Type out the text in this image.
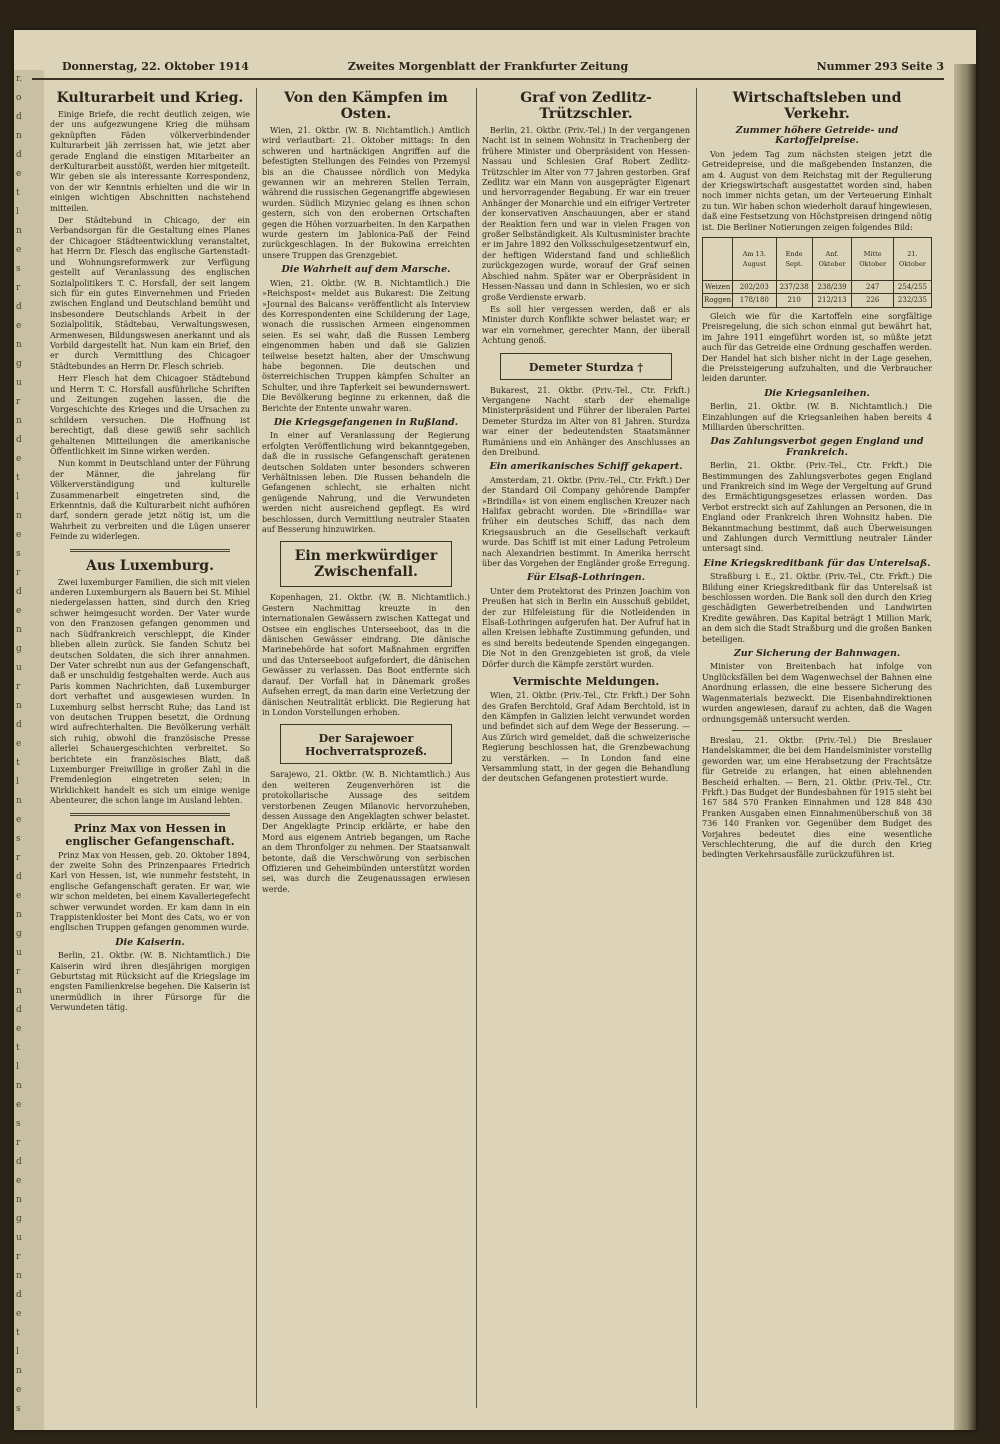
r.
o
d
n
d
e
t
l
n
e
s
r
d
e
n
g
u
r
n
d
e
t
l
n
e
s
r
d
e
n
g
u
r
n
d
e
t
l
n
e
s
r
d
e
n
g
u
r
n
d
e
t
l
n
e
s
r
d
e
n
g
u
r
n
d
e
t
l
n
e
s
Donnerstag, 22. Oktober 1914	Zweites Morgenblatt der Frankfurter Zeitung	Nummer 293 Seite 3
Kulturarbeit und Krieg.

Einige Briefe, die recht deutlich zeigen, wie der uns aufgezwungene Krieg die mühsam geknüpften Fäden völkerverbindender Kulturarbeit jäh zerrissen hat, wie jetzt aber gerade England die einstigen Mitarbeiter an derKulturarbeit ausstößt, werden hier mitgeteilt. Wir geben sie als interessante Korrespondenz, von der wir Kenntnis erhielten und die wir in einigen wichtigen Abschnitten nachstehend mitteilen.

Der Städtebund in Chicago, der ein Verbandsorgan für die Gestaltung eines Planes der Chicagoer Städteentwicklung veranstaltet, hat Herrn Dr. Flesch das englische Gartenstadt- und Wohnungsreformwerk zur Verfügung gestellt auf Veranlassung des englischen Sozialpolitikers T. C. Horsfall, der seit langem sich für ein gutes Einvernehmen und Frieden zwischen England und Deutschland bemüht und insbesondere Deutschlands Arbeit in der Sozialpolitik, Städtebau, Verwaltungswesen, Armenwesen, Bildungswesen anerkannt und als Vorbild dargestellt hat. Nun kam ein Brief, den er durch Vermittlung des Chicagoer Städtebundes an Herrn Dr. Flesch schrieb.

Herr Flesch hat dem Chicagoer Städtebund und Herrn T. C. Horsfall ausführliche Schriften und Zeitungen zugehen lassen, die die Vorgeschichte des Krieges und die Ursachen zu schildern versuchen. Die Hoffnung ist berechtigt, daß diese gewiß sehr sachlich gehaltenen Mitteilungen die amerikanische Öffentlichkeit im Sinne wirken werden.

Nun kommt in Deutschland unter der Führung der Männer, die jahrelang für Völkerverständigung und kulturelle Zusammenarbeit eingetreten sind, die Erkenntnis, daß die Kulturarbeit nicht aufhören darf, sondern gerade jetzt nötig ist, um die Wahrheit zu verbreiten und die Lügen unserer Feinde zu widerlegen.

Aus Luxemburg.

Zwei luxemburger Familien, die sich mit vielen anderen Luxemburgern als Bauern bei St. Mihiel niedergelassen hatten, sind durch den Krieg schwer heimgesucht worden. Der Vater wurde von den Franzosen gefangen genommen und nach Südfrankreich verschleppt, die Kinder blieben allein zurück. Sie fanden Schutz bei deutschen Soldaten, die sich ihrer annahmen. Der Vater schreibt nun aus der Gefangenschaft, daß er unschuldig festgehalten werde. Auch aus Paris kommen Nachrichten, daß Luxemburger dort verhaftet und ausgewiesen wurden. In Luxemburg selbst herrscht Ruhe; das Land ist von deutschen Truppen besetzt, die Ordnung wird aufrechterhalten. Die Bevölkerung verhält sich ruhig, obwohl die französische Presse allerlei Schauergeschichten verbreitet. So berichtete ein französisches Blatt, daß Luxemburger Freiwillige in großer Zahl in die Fremdenlegion eingetreten seien; in Wirklichkeit handelt es sich um einige wenige Abenteurer, die schon lange im Ausland lebten.

Prinz Max von Hessen in englischer Gefangenschaft.

Prinz Max von Hessen, geb. 20. Oktober 1894, der zweite Sohn des Prinzenpaares Friedrich Karl von Hessen, ist, wie nunmehr feststeht, in englische Gefangenschaft geraten. Er war, wie wir schon meldeten, bei einem Kavalleriegefecht schwer verwundet worden. Er kam dann in ein Trappistenkloster bei Mont des Cats, wo er von englischen Truppen gefangen genommen wurde.

Die Kaiserin.

Berlin, 21. Oktbr. (W. B. Nichtamtlich.) Die Kaiserin wird ihren diesjährigen morgigen Geburtstag mit Rücksicht auf die Kriegslage im engsten Familienkreise begehen. Die Kaiserin ist unermüdlich in ihrer Fürsorge für die Verwundeten tätig.

Von den Kämpfen im Osten.

Wien, 21. Oktbr. (W. B. Nichtamtlich.) Amtlich wird verlautbart: 21. Oktober mittags: In den schweren und hartnäckigen Angriffen auf die befestigten Stellungen des Feindes von Przemysl bis an die Chaussee nördlich von Medyka gewannen wir an mehreren Stellen Terrain, während die russischen Gegenangriffe abgewiesen wurden. Südlich Mizyniec gelang es ihnen schon gestern, sich von den erobernen Ortschaften gegen die Höhen vorzuarbeiten. In den Karpathen wurde gestern im Jablonica-Paß der Feind zurückgeschlagen. In der Bukowina erreichten unsere Truppen das Grenzgebiet.

Die Wahrheit auf dem Marsche.

Wien, 21. Oktbr. (W. B. Nichtamtlich.) Die »Reichspost« meldet aus Bukarest: Die Zeitung »Journal des Balcans« veröffentlicht als Interview des Korrespondenten eine Schilderung der Lage, wonach die russischen Armeen eingenommen seien. Es sei wahr, daß die Russen Lemberg eingenommen haben und daß sie Galizien teilweise besetzt halten, aber der Umschwung habe begonnen. Die deutschen und österreichischen Truppen kämpfen Schulter an Schulter, und ihre Tapferkeit sei bewundernswert. Die Bevölkerung beginne zu erkennen, daß die Berichte der Entente unwahr waren.

Die Kriegsgefangenen in Rußland.

In einer auf Veranlassung der Regierung erfolgten Veröffentlichung wird bekanntgegeben, daß die in russische Gefangenschaft geratenen deutschen Soldaten unter besonders schweren Verhältnissen leben. Die Russen behandeln die Gefangenen schlecht, sie erhalten nicht genügende Nahrung, und die Verwundeten werden nicht ausreichend gepflegt. Es wird beschlossen, durch Vermittlung neutraler Staaten auf Besserung hinzuwirken.

Ein merkwürdiger Zwischenfall.

Kopenhagen, 21. Oktbr. (W. B. Nichtamtlich.) Gestern Nachmittag kreuzte in den internationalen Gewässern zwischen Kattegat und Ostsee ein englisches Unterseeboot, das in die dänischen Gewässer eindrang. Die dänische Marinebehörde hat sofort Maßnahmen ergriffen und das Unterseeboot aufgefordert, die dänischen Gewässer zu verlassen. Das Boot entfernte sich darauf. Der Vorfall hat in Dänemark großes Aufsehen erregt, da man darin eine Verletzung der dänischen Neutralität erblickt. Die Regierung hat in London Vorstellungen erhoben.

Der Sarajewoer Hochverratsprozeß.

Sarajewo, 21. Oktbr. (W. B. Nichtamtlich.) Aus den weiteren Zeugenverhören ist die protokollarische Aussage des seitdem verstorbenen Zeugen Milanovic hervorzuheben, dessen Aussage den Angeklagten schwer belastet. Der Angeklagte Princip erklärte, er habe den Mord aus eigenem Antrieb begangen, um Rache an dem Thronfolger zu nehmen. Der Staatsanwalt betonte, daß die Verschwörung von serbischen Offizieren und Geheimbünden unterstützt worden sei, was durch die Zeugenaussagen erwiesen werde.

Graf von Zedlitz-Trützschler.

Berlin, 21. Oktbr. (Priv.-Tel.) In der vergangenen Nacht ist in seinem Wohnsitz in Trachenberg der frühere Minister und Oberpräsident von Hessen-Nassau und Schlesien Graf Robert Zedlitz-Trützschler im Alter von 77 Jahren gestorben. Graf Zedlitz war ein Mann von ausgeprägter Eigenart und hervorragender Begabung. Er war ein treuer Anhänger der Monarchie und ein eifriger Vertreter der konservativen Anschauungen, aber er stand der Reaktion fern und war in vielen Fragen von großer Selbständigkeit. Als Kultusminister brachte er im Jahre 1892 den Volksschulgesetzentwurf ein, der heftigen Widerstand fand und schließlich zurückgezogen wurde, worauf der Graf seinen Abschied nahm. Später war er Oberpräsident in Hessen-Nassau und dann in Schlesien, wo er sich große Verdienste erwarb.

Es soll hier vergessen werden, daß er als Minister durch Konflikte schwer belastet war; er war ein vornehmer, gerechter Mann, der überall Achtung genoß.

Demeter Sturdza †

Bukarest, 21. Oktbr. (Priv.-Tel., Ctr. Frkft.) Vergangene Nacht starb der ehemalige Ministerpräsident und Führer der liberalen Partei Demeter Sturdza im Alter von 81 Jahren. Sturdza war einer der bedeutendsten Staatsmänner Rumäniens und ein Anhänger des Anschlusses an den Dreibund.

Ein amerikanisches Schiff gekapert.

Amsterdam, 21. Oktbr. (Priv.-Tel., Ctr. Frkft.) Der der Standard Oil Company gehörende Dampfer »Brindilla« ist von einem englischen Kreuzer nach Halifax gebracht worden. Die »Brindilla« war früher ein deutsches Schiff, das nach dem Kriegsausbruch an die Gesellschaft verkauft wurde. Das Schiff ist mit einer Ladung Petroleum nach Alexandrien bestimmt. In Amerika herrscht über das Vorgehen der Engländer große Erregung.

Für Elsaß-Lothringen.

Unter dem Protektorat des Prinzen Joachim von Preußen hat sich in Berlin ein Ausschuß gebildet, der zur Hilfeleistung für die Notleidenden in Elsaß-Lothringen aufgerufen hat. Der Aufruf hat in allen Kreisen lebhafte Zustimmung gefunden, und es sind bereits bedeutende Spenden eingegangen. Die Not in den Grenzgebieten ist groß, da viele Dörfer durch die Kämpfe zerstört wurden.

Vermischte Meldungen.

Wien, 21. Oktbr. (Priv.-Tel., Ctr. Frkft.) Der Sohn des Grafen Berchtold, Graf Adam Berchtold, ist in den Kämpfen in Galizien leicht verwundet worden und befindet sich auf dem Wege der Besserung. — Aus Zürich wird gemeldet, daß die schweizerische Regierung beschlossen hat, die Grenzbewachung zu verstärken. — In London fand eine Versammlung statt, in der gegen die Behandlung der deutschen Gefangenen protestiert wurde.

Wirtschaftsleben und Verkehr.
Zummer höhere Getreide- und Kartoffelpreise.

Von jedem Tag zum nächsten steigen jetzt die Getreidepreise, und die maßgebenden Instanzen, die am 4. August von dem Reichstag mit der Regulierung der Kriegswirtschaft ausgestattet worden sind, haben noch immer nichts getan, um der Verteuerung Einhalt zu tun. Wir haben schon wiederholt darauf hingewiesen, daß eine Festsetzung von Höchstpreisen dringend nötig ist. Die Berliner Notierungen zeigen folgendes Bild:

	Am 13. August	Ende Sept.	Anf. Oktober	Mitte Oktober	21. Oktober
Weizen	202/203	237/238	238/239	247	254/255
Roggen	178/180	210	212/213	226	232/235

Gleich wie für die Kartoffeln eine sorgfältige Preisregelung, die sich schon einmal gut bewährt hat, im Jahre 1911 eingeführt worden ist, so müßte jetzt auch für das Getreide eine Ordnung geschaffen werden. Der Handel hat sich bisher nicht in der Lage gesehen, die Preissteigerung aufzuhalten, und die Verbraucher leiden darunter.

Die Kriegsanleihen.

Berlin, 21. Oktbr. (W. B. Nichtamtlich.) Die Einzahlungen auf die Kriegsanleihen haben bereits 4 Milliarden überschritten.

Das Zahlungsverbot gegen England und Frankreich.

Berlin, 21. Oktbr. (Priv.-Tel., Ctr. Frkft.) Die Bestimmungen des Zahlungsverbotes gegen England und Frankreich sind im Wege der Vergeltung auf Grund des Ermächtigungsgesetzes erlassen worden. Das Verbot erstreckt sich auf Zahlungen an Personen, die in England oder Frankreich ihren Wohnsitz haben. Die Bekanntmachung bestimmt, daß auch Überweisungen und Zahlungen durch Vermittlung neutraler Länder untersagt sind.

Eine Kriegskreditbank für das Unterelsaß.

Straßburg i. E., 21. Oktbr. (Priv.-Tel., Ctr. Frkft.) Die Bildung einer Kriegskreditbank für das Unterelsaß ist beschlossen worden. Die Bank soll den durch den Krieg geschädigten Gewerbetreibenden und Landwirten Kredite gewähren. Das Kapital beträgt 1 Million Mark, an dem sich die Stadt Straßburg und die großen Banken beteiligen.

Zur Sicherung der Bahnwagen.

Minister von Breitenbach hat infolge von Unglücksfällen bei dem Wagenwechsel der Bahnen eine Anordnung erlassen, die eine bessere Sicherung des Wagenmaterials bezweckt. Die Eisenbahndirektionen wurden angewiesen, darauf zu achten, daß die Wagen ordnungsgemäß untersucht werden.

Breslau, 21. Oktbr. (Priv.-Tel.) Die Breslauer Handelskammer, die bei dem Handelsminister vorstellig geworden war, um eine Herabsetzung der Frachtsätze für Getreide zu erlangen, hat einen ablehnenden Bescheid erhalten. — Bern, 21. Oktbr. (Priv.-Tel., Ctr. Frkft.) Das Budget der Bundesbahnen für 1915 sieht bei 167 584 570 Franken Einnahmen und 128 848 430 Franken Ausgaben einen Einnahmenüberschuß von 38 736 140 Franken vor. Gegenüber dem Budget des Vorjahres bedeutet dies eine wesentliche Verschlechterung, die auf die durch den Krieg bedingten Verkehrsausfälle zurückzuführen ist.
